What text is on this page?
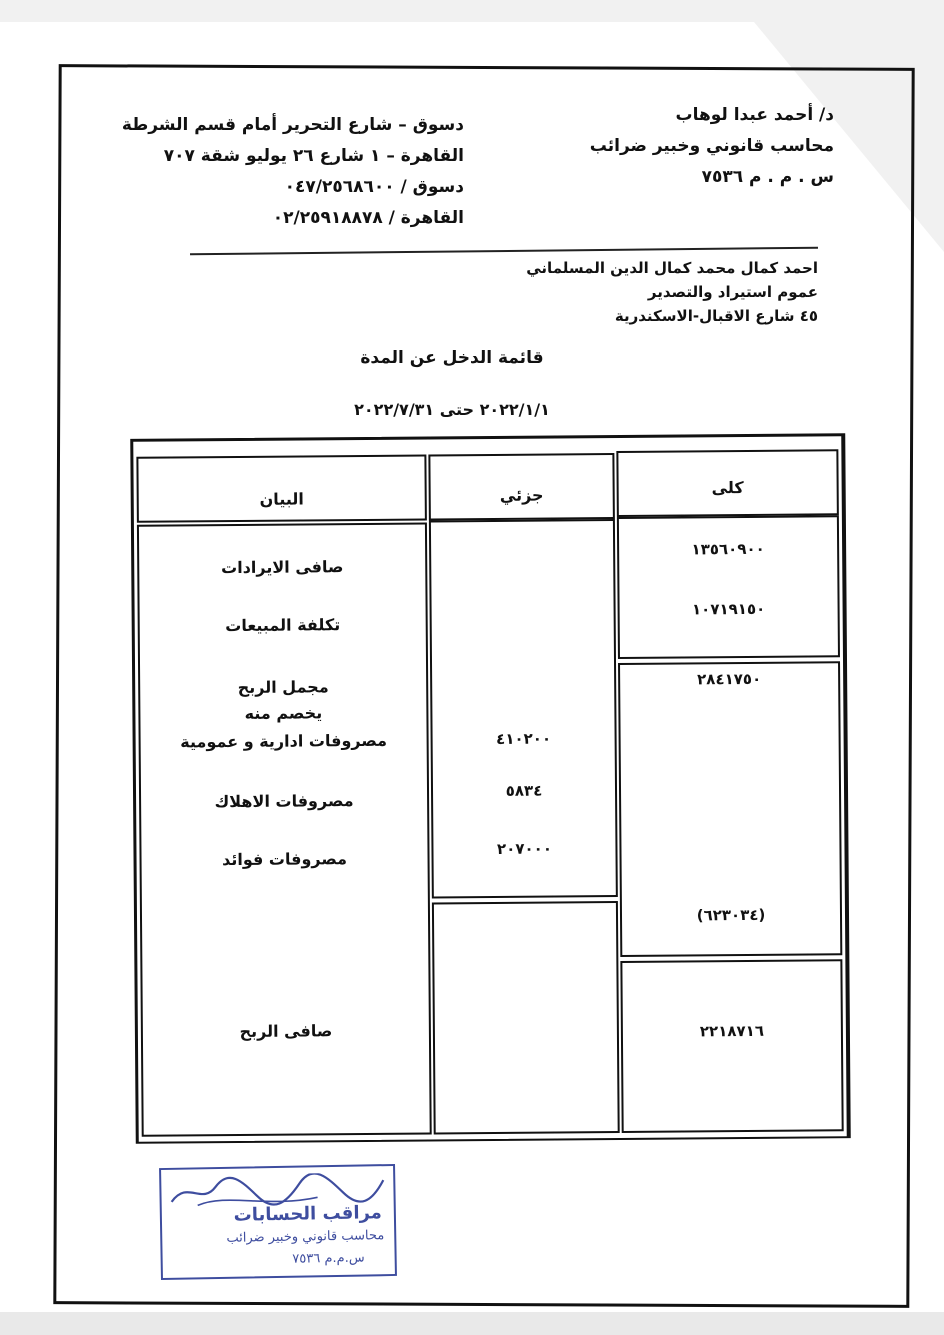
د/ أحمد عبدا لوهاب
محاسب قانوني وخبير ضرائب
س . م . م ٧٥٣٦
دسوق – شارع التحرير أمام قسم الشرطة
القاهرة – ١ شارع ٢٦ يوليو شقة ٧٠٧
دسوق / ٠٤٧/٢٥٦٨٦٠٠
القاهرة / ٠٢/٢٥٩١٨٨٧٨
احمد كمال محمد كمال الدين المسلماني
عموم استيراد والتصدير
٤٥ شارع الاقبال-الاسكندرية
قائمة الدخل عن المدة
٢٠٢٢/١/١ حتى ٢٠٢٢/٧/٣١
البيان	جزئي	كلى
صافى الايرادات
تكلفة المبيعات
مجمل الربح
يخصم منه
مصروفات ادارية و عمومية
مصروفات الاهلاك
مصروفات فوائد
صافى الربح
٤١٠٢٠٠
٥٨٣٤
٢٠٧٠٠٠
١٣٥٦٠٩٠٠
١٠٧١٩١٥٠
٢٨٤١٧٥٠
(٦٢٣٠٣٤)
٢٢١٨٧١٦
مراقب الحسابات
محاسب قانوني وخبير ضرائب
س.م.م ٧٥٣٦
